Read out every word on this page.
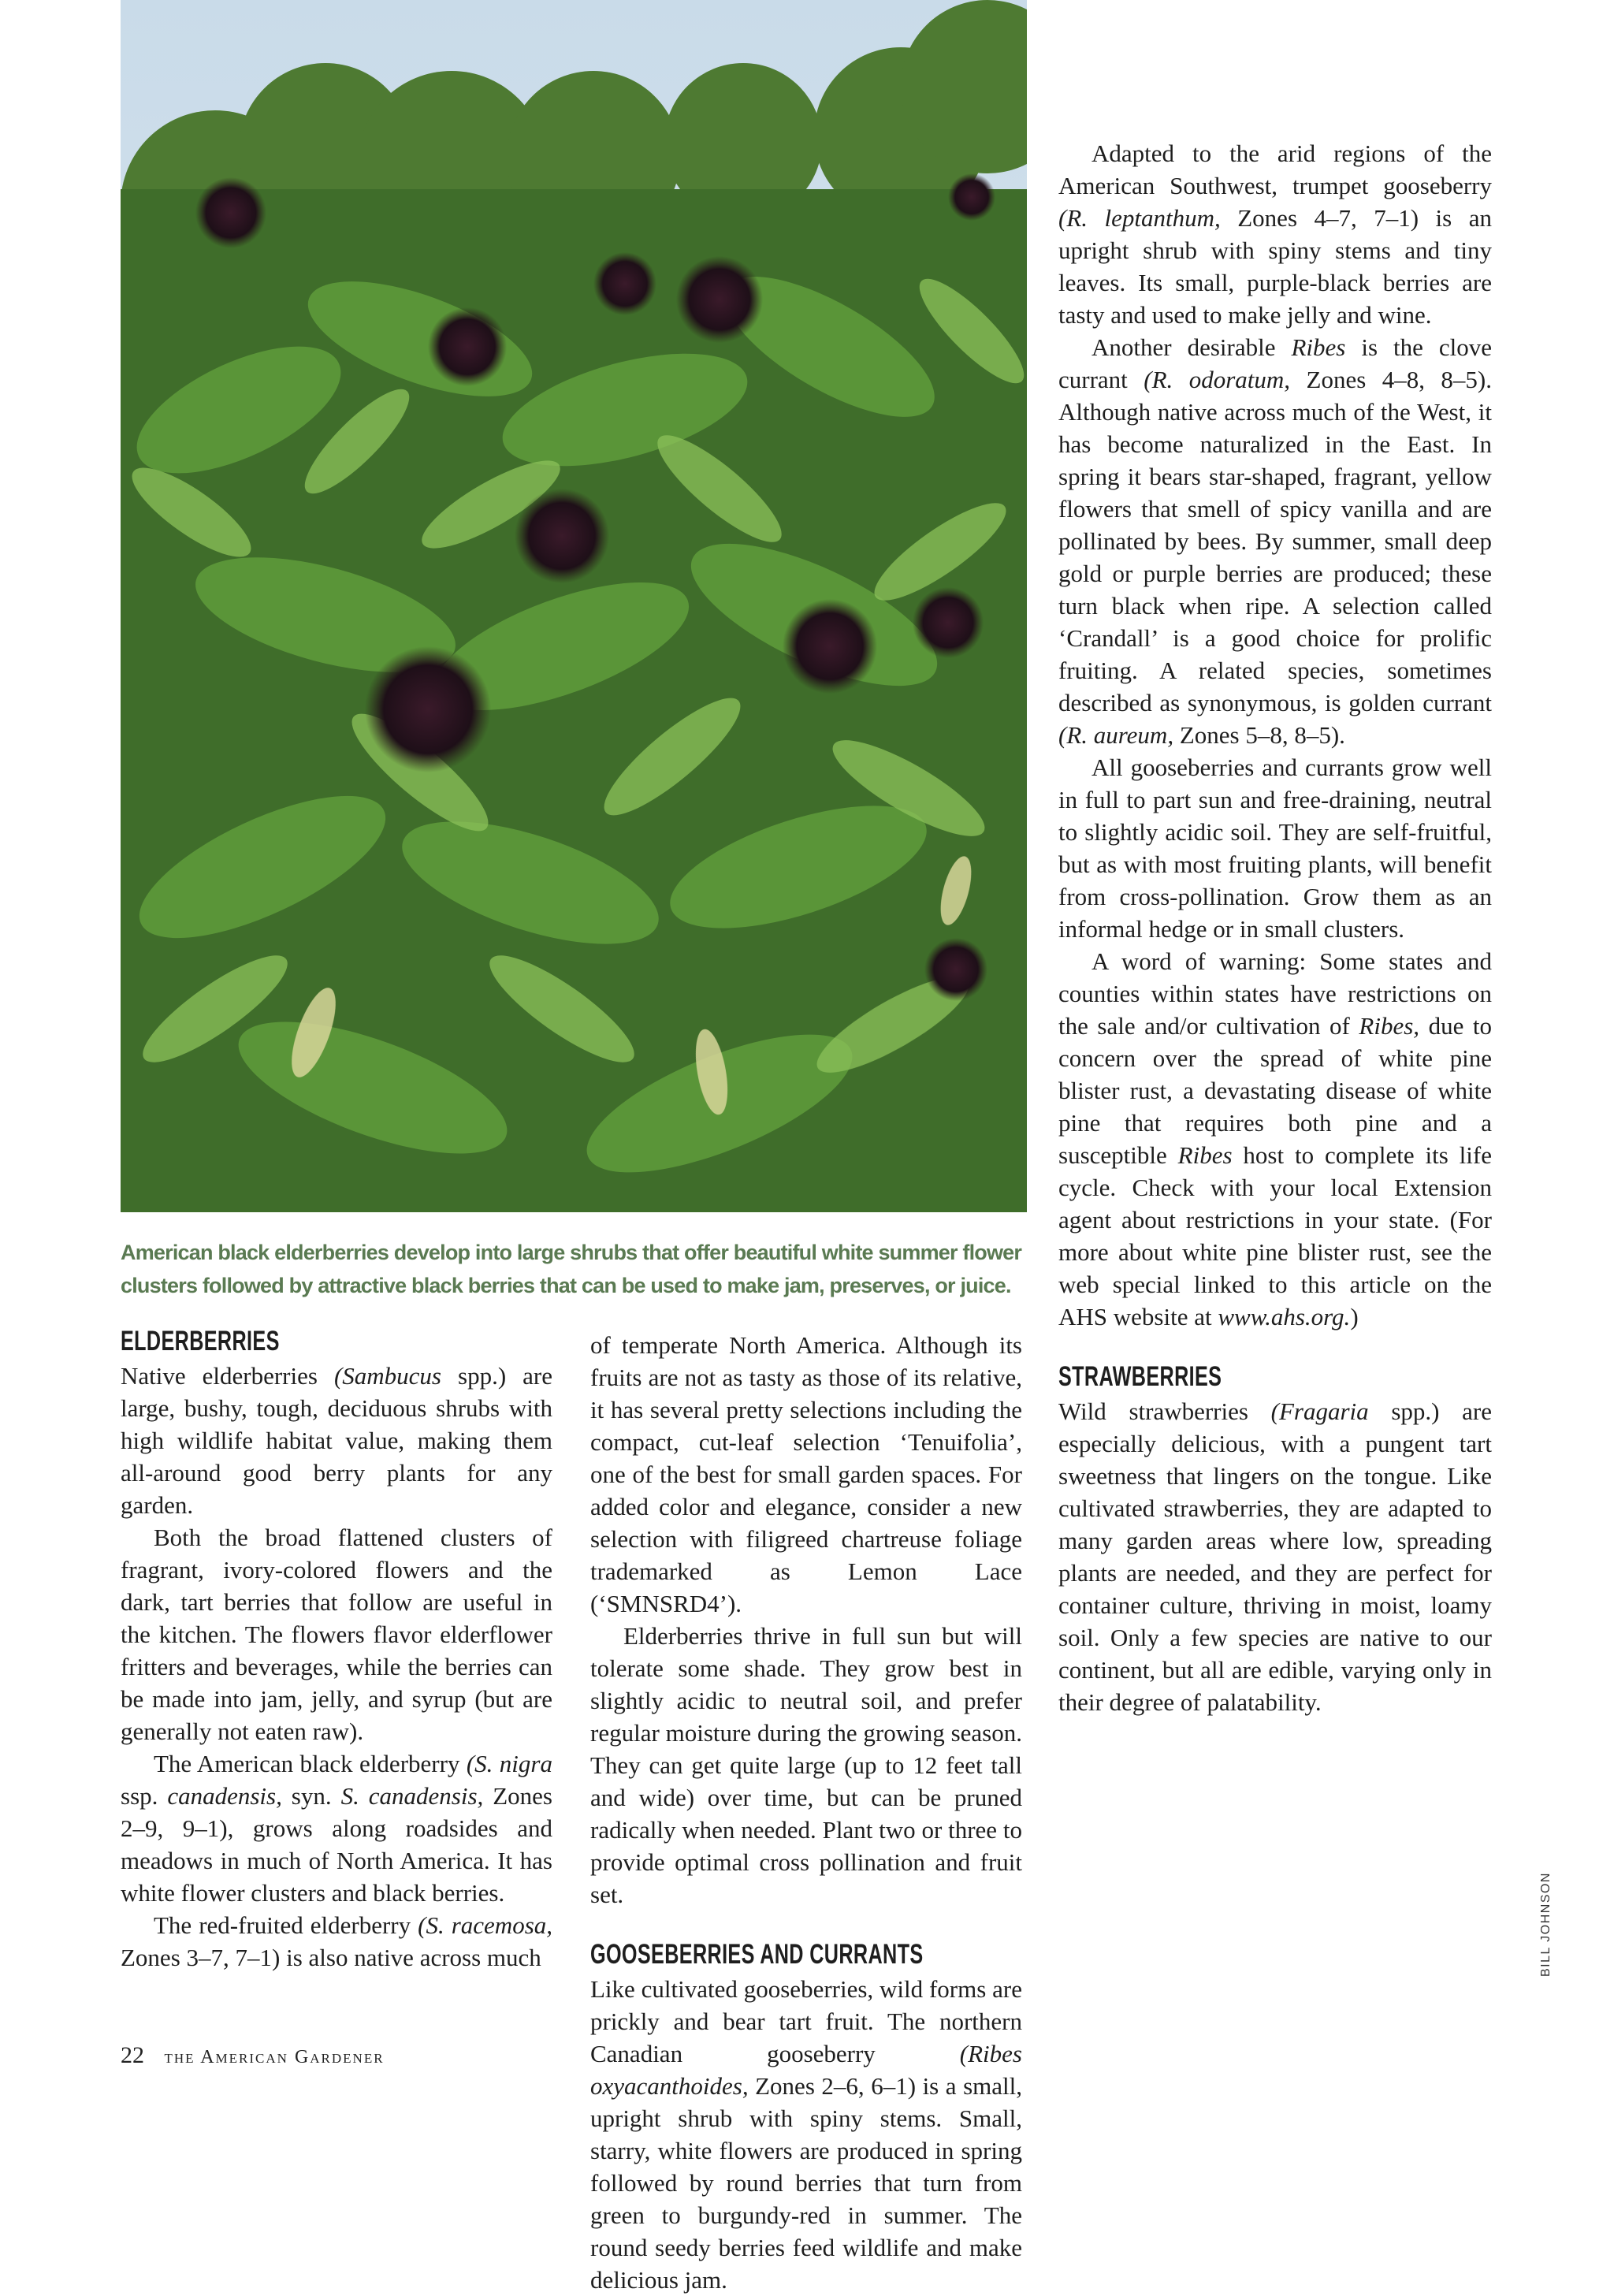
American black elderberries develop into large shrubs that offer beautiful white summer flower clusters followed by attractive black berries that can be used to make jam, preserves, or juice.
ELDERBERRIES

Native elderberries (Sambucus spp.) are large, bushy, tough, deciduous shrubs with high wildlife habitat value, making them all-around good berry plants for any garden.

Both the broad flattened clusters of fragrant, ivory-colored flowers and the dark, tart berries that follow are useful in the kitchen. The flowers flavor elderflower fritters and beverages, while the berries can be made into jam, jelly, and syrup (but are generally not eaten raw).

The American black elderberry (S. nigra ssp. canadensis, syn. S. canadensis, Zones 2–9, 9–1), grows along roadsides and meadows in much of North America. It has white flower clusters and black berries.

The red-fruited elderberry (S. racemosa, Zones 3–7, 7–1) is also native across much

of temperate North America. Although its fruits are not as tasty as those of its relative, it has several pretty selections including the compact, cut-leaf selection ‘Tenuifolia’, one of the best for small garden spaces. For added color and elegance, consider a new selection with filigreed chartreuse foliage trademarked as Lemon Lace (‘SMNSRD4’).

Elderberries thrive in full sun but will tolerate some shade. They grow best in slightly acidic to neutral soil, and prefer regular moisture during the growing season. They can get quite large (up to 12 feet tall and wide) over time, but can be pruned radically when needed. Plant two or three to provide optimal cross pollination and fruit set.

GOOSEBERRIES AND CURRANTS

Like cultivated gooseberries, wild forms are prickly and bear tart fruit. The northern Canadian gooseberry (Ribes oxyacanthoides, Zones 2–6, 6–1) is a small, upright shrub with spiny stems. Small, starry, white flowers are produced in spring followed by round berries that turn from green to burgundy-red in summer. The round seedy berries feed wildlife and make delicious jam.

Adapted to the arid regions of the American Southwest, trumpet gooseberry (R. leptanthum, Zones 4–7, 7–1) is an upright shrub with spiny stems and tiny leaves. Its small, purple-black berries are tasty and used to make jelly and wine.

Another desirable Ribes is the clove currant (R. odoratum, Zones 4–8, 8–5). Although native across much of the West, it has become naturalized in the East. In spring it bears star-shaped, fragrant, yellow flowers that smell of spicy vanilla and are pollinated by bees. By summer, small deep gold or purple berries are produced; these turn black when ripe. A selection called ‘Crandall’ is a good choice for prolific fruiting. A related species, sometimes described as synonymous, is golden currant (R. aureum, Zones 5–8, 8–5).

All gooseberries and currants grow well in full to part sun and free-draining, neutral to slightly acidic soil. They are self-fruitful, but as with most fruiting plants, will benefit from cross-pollination. Grow them as an informal hedge or in small clusters.

A word of warning: Some states and counties within states have restrictions on the sale and/or cultivation of Ribes, due to concern over the spread of white pine blister rust, a devastating disease of white pine that requires both pine and a susceptible Ribes host to complete its life cycle. Check with your local Extension agent about restrictions in your state. (For more about white pine blister rust, see the web special linked to this article on the AHS website at www.ahs.org.)

STRAWBERRIES

Wild strawberries (Fragaria spp.) are especially delicious, with a pungent tart sweetness that lingers on the tongue. Like cultivated strawberries, they are adapted to many garden areas where low, spreading plants are needed, and they are perfect for container culture, thriving in moist, loamy soil. Only a few species are native to our continent, but all are edible, varying only in their degree of palatability.

BILL JOHNSON
22 the American Gardener
